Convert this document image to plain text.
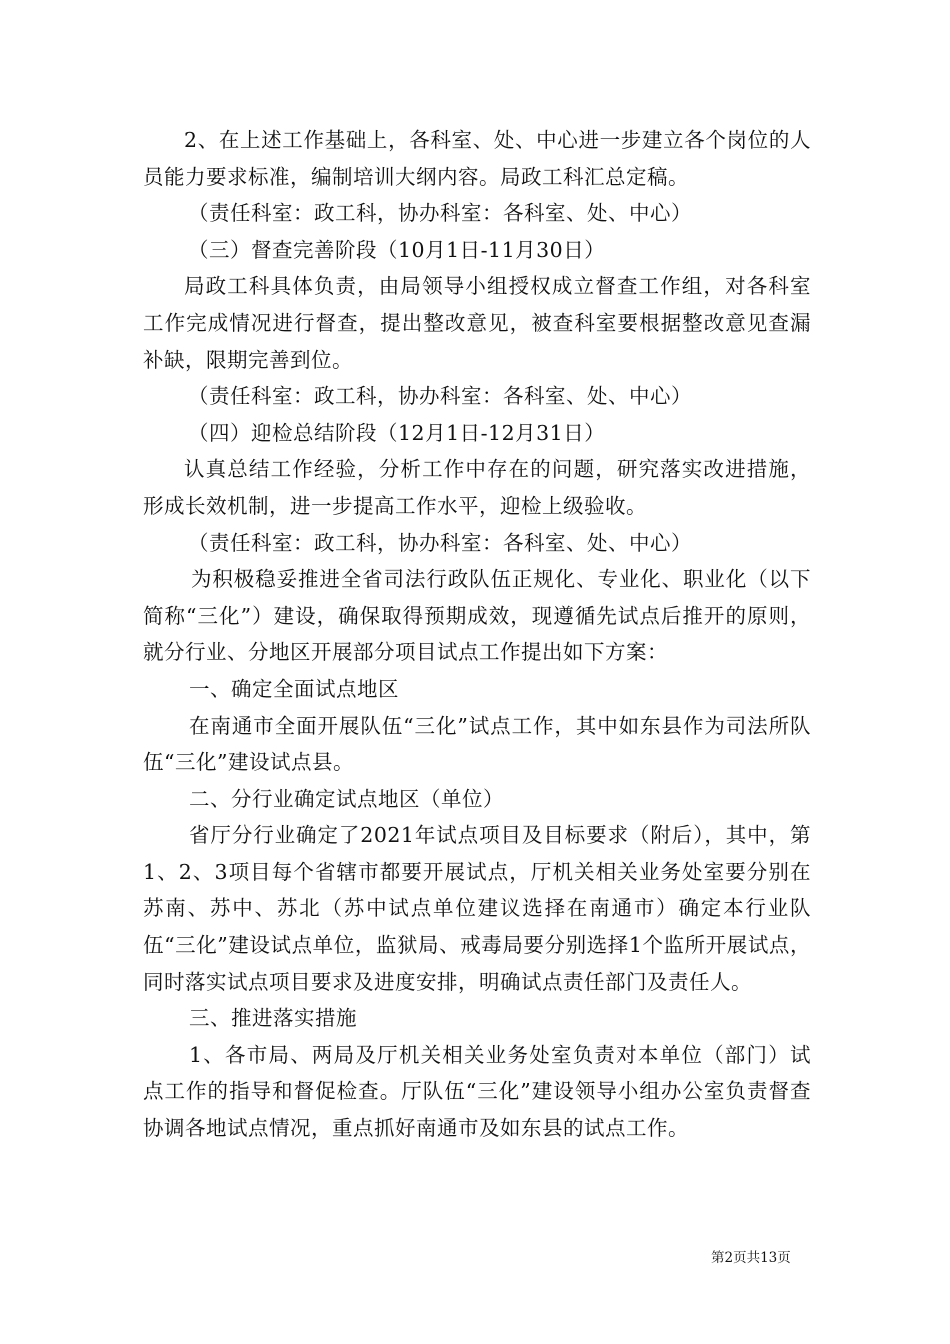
2、在上述工作基础上，各科室、处、中心进一步建立各个岗位的人员能力要求标准，编制培训大纲内容。局政工科汇总定稿。

（责任科室：政工科，协办科室：各科室、处、中心）

（三）督查完善阶段（10月1日-11月30日）

局政工科具体负责，由局领导小组授权成立督查工作组，对各科室工作完成情况进行督查，提出整改意见，被查科室要根据整改意见查漏补缺，限期完善到位。

（责任科室：政工科，协办科室：各科室、处、中心）

（四）迎检总结阶段（12月1日-12月31日）

认真总结工作经验，分析工作中存在的问题，研究落实改进措施，形成长效机制，进一步提高工作水平，迎检上级验收。

（责任科室：政工科，协办科室：各科室、处、中心）

为积极稳妥推进全省司法行政队伍正规化、专业化、职业化（以下简称“三化”）建设，确保取得预期成效，现遵循先试点后推开的原则，就分行业、分地区开展部分项目试点工作提出如下方案：

一、确定全面试点地区

在南通市全面开展队伍“三化”试点工作，其中如东县作为司法所队伍“三化”建设试点县。

二、分行业确定试点地区（单位）

省厅分行业确定了2021年试点项目及目标要求（附后），其中，第1、2、3项目每个省辖市都要开展试点，厅机关相关业务处室要分别在苏南、苏中、苏北（苏中试点单位建议选择在南通市）确定本行业队伍“三化”建设试点单位，监狱局、戒毒局要分别选择1个监所开展试点，同时落实试点项目要求及进度安排，明确试点责任部门及责任人。

三、推进落实措施

1、各市局、两局及厅机关相关业务处室负责对本单位（部门）试点工作的指导和督促检查。厅队伍“三化”建设领导小组办公室负责督查协调各地试点情况，重点抓好南通市及如东县的试点工作。

第2页共13页
